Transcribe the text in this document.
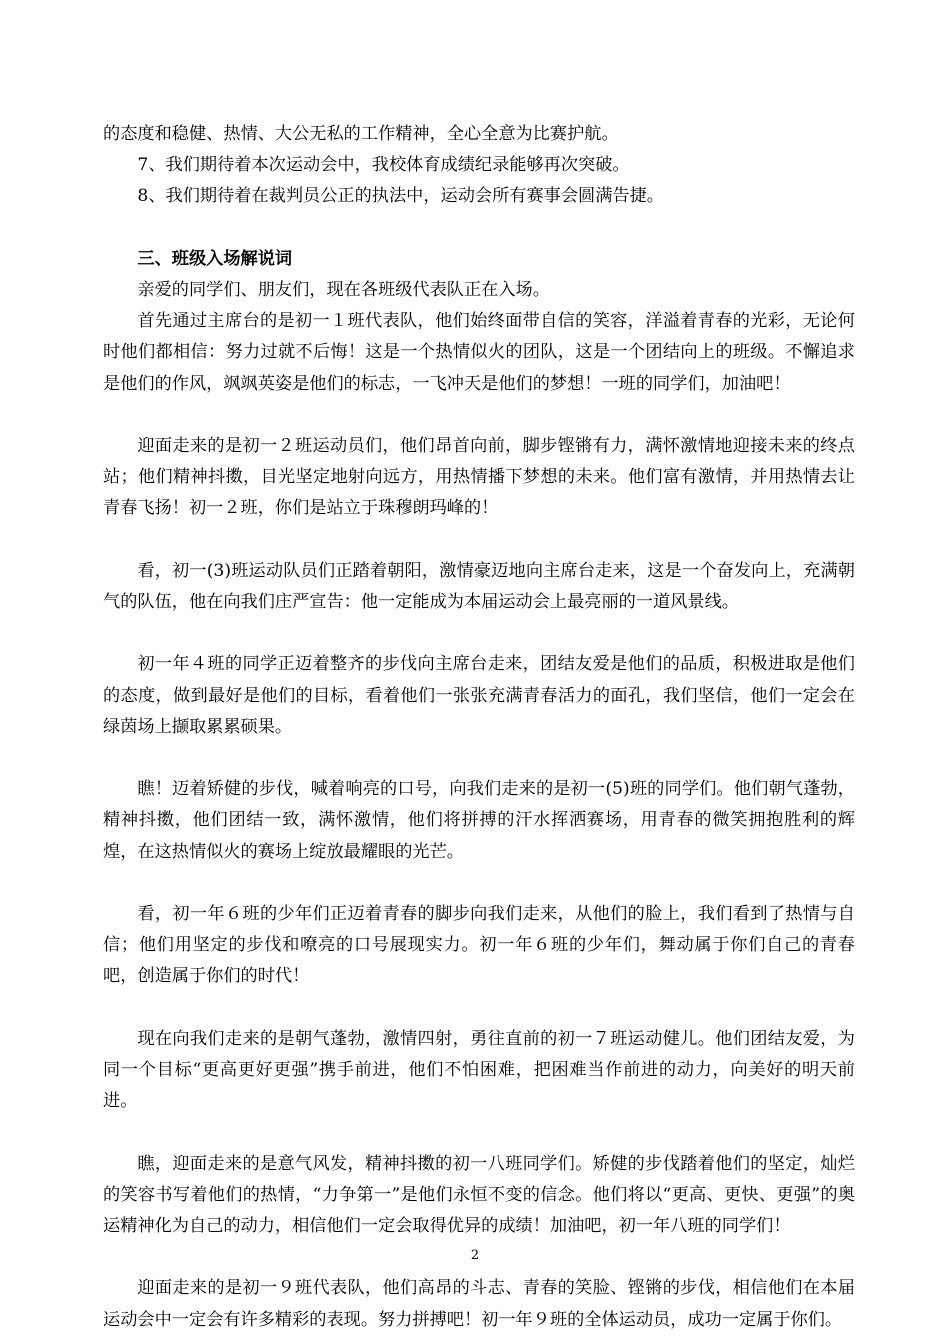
的态度和稳健、热情、大公无私的工作精神，全心全意为比赛护航。

7、我们期待着本次运动会中，我校体育成绩纪录能够再次突破。

8、我们期待着在裁判员公正的执法中，运动会所有赛事会圆满告捷。

三、班级入场解说词

亲爱的同学们、朋友们，现在各班级代表队正在入场。

首先通过主席台的是初一１班代表队，他们始终面带自信的笑容，洋溢着青春的光彩，无论何时他们都相信：努力过就不后悔！这是一个热情似火的团队，这是一个团结向上的班级。不懈追求是他们的作风，飒飒英姿是他们的标志，一飞冲天是他们的梦想！一班的同学们，加油吧！

迎面走来的是初一２班运动员们，他们昂首向前，脚步铿锵有力，满怀激情地迎接未来的终点站；他们精神抖擞，目光坚定地射向远方，用热情播下梦想的未来。他们富有激情，并用热情去让青春飞扬！初一２班，你们是站立于珠穆朗玛峰的！

看，初一(3)班运动队员们正踏着朝阳，激情豪迈地向主席台走来，这是一个奋发向上，充满朝气的队伍，他在向我们庄严宣告：他一定能成为本届运动会上最亮丽的一道风景线。

初一年４班的同学正迈着整齐的步伐向主席台走来，团结友爱是他们的品质，积极进取是他们的态度，做到最好是他们的目标，看着他们一张张充满青春活力的面孔，我们坚信，他们一定会在绿茵场上撷取累累硕果。

瞧！迈着矫健的步伐，喊着响亮的口号，向我们走来的是初一(5)班的同学们。他们朝气蓬勃，精神抖擞，他们团结一致，满怀激情，他们将拼搏的汗水挥洒赛场，用青春的微笑拥抱胜利的辉煌，在这热情似火的赛场上绽放最耀眼的光芒。

看，初一年６班的少年们正迈着青春的脚步向我们走来，从他们的脸上，我们看到了热情与自信；他们用坚定的步伐和嘹亮的口号展现实力。初一年６班的少年们，舞动属于你们自己的青春吧，创造属于你们的时代！

现在向我们走来的是朝气蓬勃，激情四射，勇往直前的初一７班运动健儿。他们团结友爱，为同一个目标“更高更好更强”携手前进，他们不怕困难，把困难当作前进的动力，向美好的明天前进。

瞧，迎面走来的是意气风发，精神抖擞的初一八班同学们。矫健的步伐踏着他们的坚定，灿烂的笑容书写着他们的热情，“力争第一”是他们永恒不变的信念。他们将以“更高、更快、更强”的奥运精神化为自己的动力，相信他们一定会取得优异的成绩！加油吧，初一年八班的同学们！

迎面走来的是初一９班代表队，他们高昂的斗志、青春的笑脸、铿锵的步伐，相信他们在本届运动会中一定会有许多精彩的表现。努力拼搏吧！初一年９班的全体运动员，成功一定属于你们。

2
